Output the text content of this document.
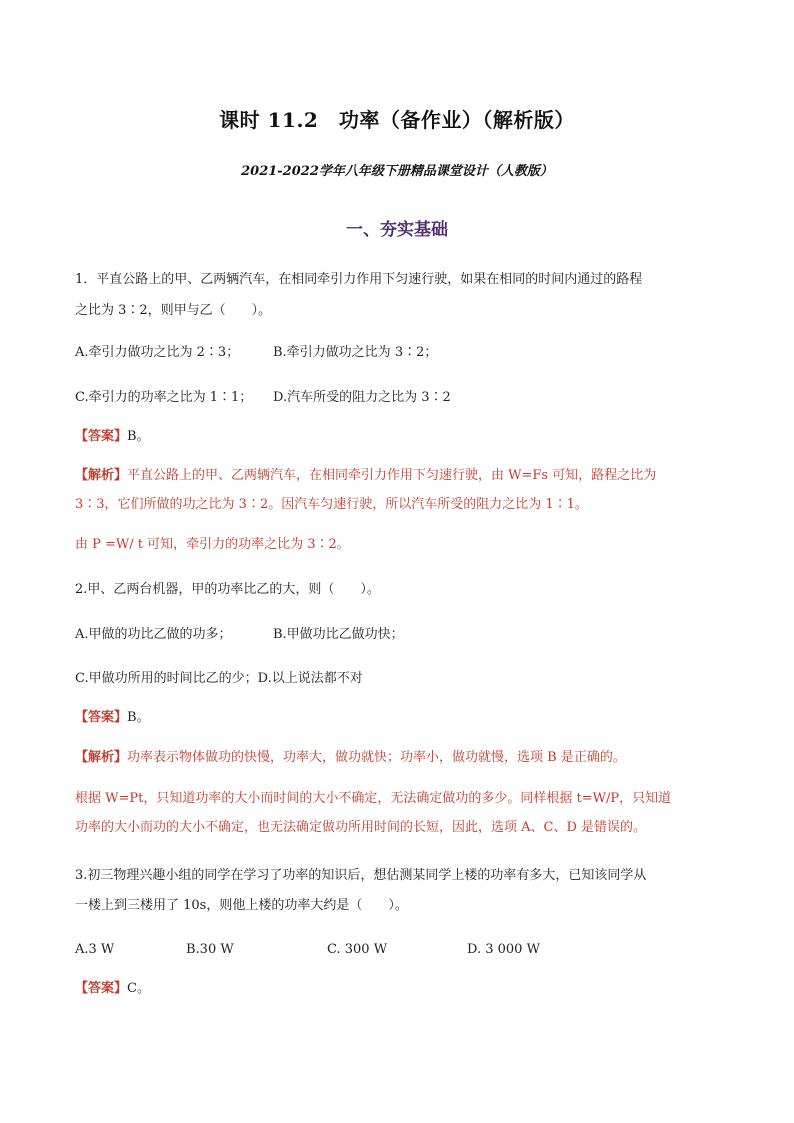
课时 11.2　功率（备作业）（解析版）
2021-2022学年八年级下册精品课堂设计（人教版）
一、夯实基础
1．平直公路上的甲、乙两辆汽车，在相同牵引力作用下匀速行驶，如果在相同的时间内通过的路程
之比为 3∶2，则甲与乙（　　）。
A.牵引力做功之比为 2∶3；	B.牵引力做功之比为 3∶2；
C.牵引力的功率之比为 1∶1； D.汽车所受的阻力之比为 3∶2
【答案】B。
【解析】平直公路上的甲、乙两辆汽车，在相同牵引力作用下匀速行驶，由 W=Fs 可知，路程之比为
3∶3，它们所做的功之比为 3∶2。因汽车匀速行驶，所以汽车所受的阻力之比为 1∶1。
由 P =W/ t 可知，牵引力的功率之比为 3∶2。
2.甲、乙两台机器，甲的功率比乙的大，则（　　）。
A.甲做的功比乙做的功多；	B.甲做功比乙做功快；
C.甲做功所用的时间比乙的少；D.以上说法都不对
【答案】B。
【解析】功率表示物体做功的快慢，功率大，做功就快；功率小，做功就慢，选项 B 是正确的。
根据 W=Pt，只知道功率的大小而时间的大小不确定，无法确定做功的多少。同样根据 t=W/P，只知道
功率的大小而功的大小不确定，也无法确定做功所用时间的长短，因此，选项 A、C、D 是错误的。
3.初三物理兴趣小组的同学在学习了功率的知识后，想估测某同学上楼的功率有多大，已知该同学从
一楼上到三楼用了 10s，则他上楼的功率大约是（　　）。
A.3 W	B.30 W	C. 300 W	D. 3 000 W
【答案】C。
